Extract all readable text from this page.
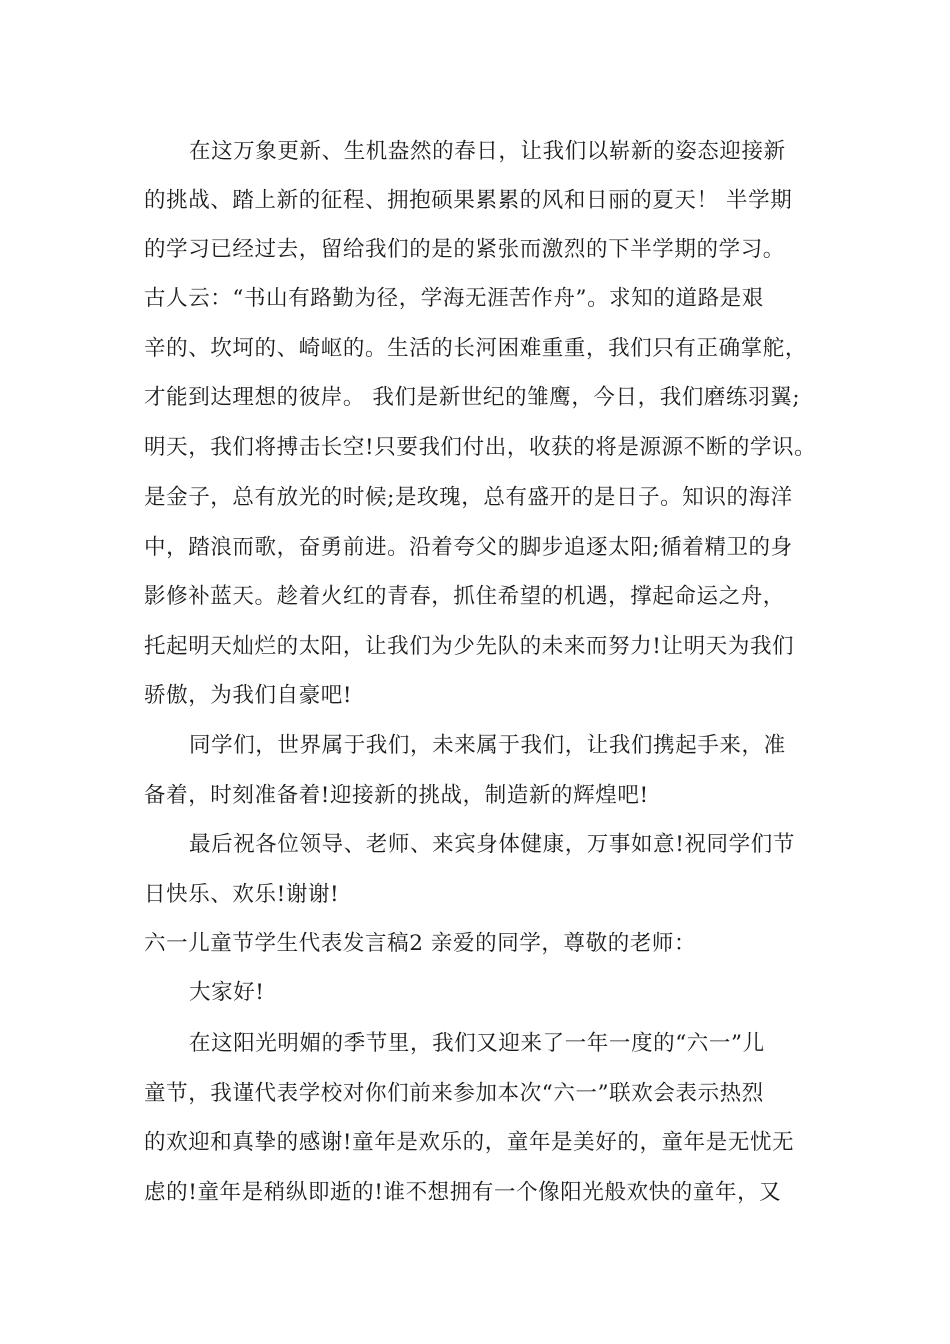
在这万象更新、生机盎然的春日，让我们以崭新的姿态迎接新
的挑战、踏上新的征程、拥抱硕果累累的风和日丽的夏天！ 半学期
的学习已经过去，留给我们的是的紧张而激烈的下半学期的学习。
古人云：“书山有路勤为径，学海无涯苦作舟”。求知的道路是艰
辛的、坎坷的、崎岖的。生活的长河困难重重，我们只有正确掌舵，
才能到达理想的彼岸。 我们是新世纪的雏鹰，今日，我们磨练羽翼;
明天，我们将搏击长空!只要我们付出，收获的将是源源不断的学识。
是金子，总有放光的时候;是玫瑰，总有盛开的是日子。知识的海洋
中，踏浪而歌，奋勇前进。沿着夸父的脚步追逐太阳;循着精卫的身
影修补蓝天。趁着火红的青春，抓住希望的机遇，撑起命运之舟，
托起明天灿烂的太阳，让我们为少先队的未来而努力!让明天为我们
骄傲，为我们自豪吧!
同学们，世界属于我们，未来属于我们，让我们携起手来，准
备着，时刻准备着!迎接新的挑战，制造新的辉煌吧!
最后祝各位领导、老师、来宾身体健康，万事如意!祝同学们节
日快乐、欢乐!谢谢!
六一儿童节学生代表发言稿2 亲爱的同学，尊敬的老师：
大家好!
在这阳光明媚的季节里，我们又迎来了一年一度的“六一”儿
童节，我谨代表学校对你们前来参加本次“六一”联欢会表示热烈
的欢迎和真挚的感谢!童年是欢乐的，童年是美好的，童年是无忧无
虑的!童年是稍纵即逝的!谁不想拥有一个像阳光般欢快的童年，又
